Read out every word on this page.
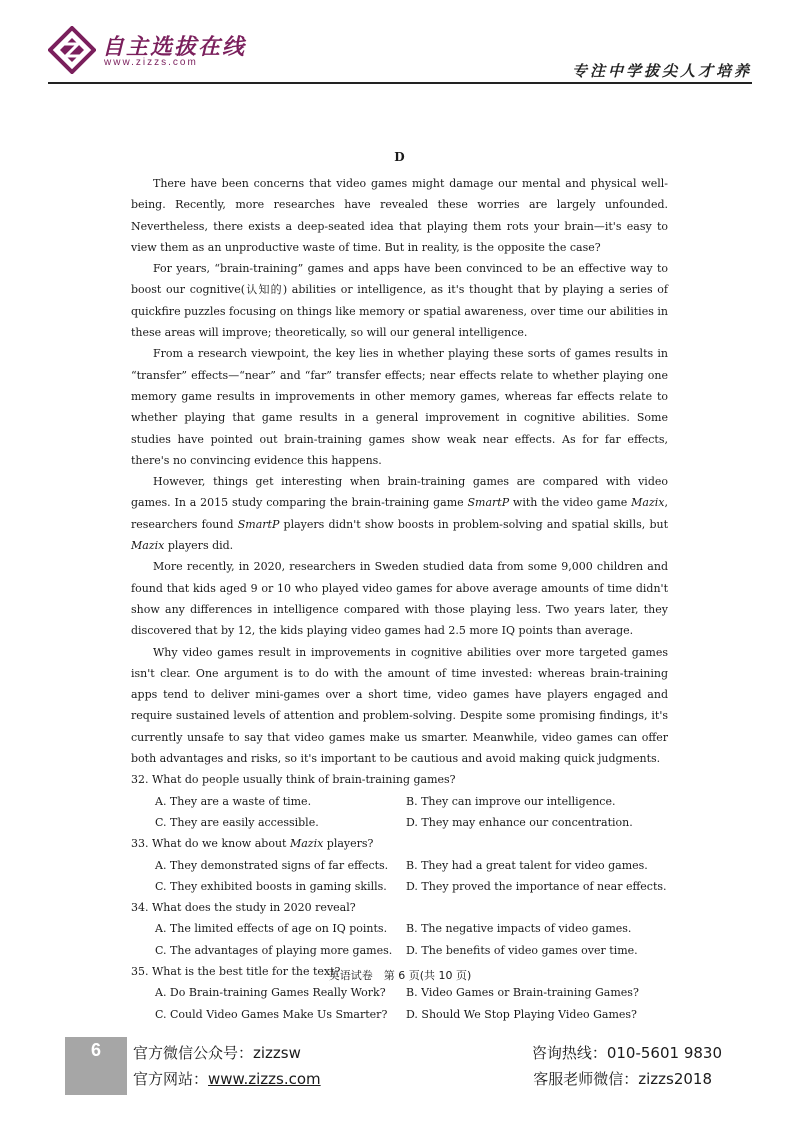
自主选拔在线
www.zizzs.com	专注中学拔尖人才培养
D

There have been concerns that video games might damage our mental and physical well-being. Recently, more researches have revealed these worries are largely unfounded. Nevertheless, there exists a deep-seated idea that playing them rots your brain—it's easy to view them as an unproductive waste of time. But in reality, is the opposite the case?

For years, “brain-training” games and apps have been convinced to be an effective way to boost our cognitive(认知的) abilities or intelligence, as it's thought that by playing a series of quickfire puzzles focusing on things like memory or spatial awareness, over time our abilities in these areas will improve; theoretically, so will our general intelligence.

From a research viewpoint, the key lies in whether playing these sorts of games results in “transfer” effects—“near” and “far” transfer effects; near effects relate to whether playing one memory game results in improvements in other memory games, whereas far effects relate to whether playing that game results in a general improvement in cognitive abilities. Some studies have pointed out brain-training games show weak near effects. As for far effects, there's no convincing evidence this happens.

However, things get interesting when brain-training games are compared with video games. In a 2015 study comparing the brain-training game SmartP with the video game Mazix, researchers found SmartP players didn't show boosts in problem-solving and spatial skills, but Mazix players did.

More recently, in 2020, researchers in Sweden studied data from some 9,000 children and found that kids aged 9 or 10 who played video games for above average amounts of time didn't show any differences in intelligence compared with those playing less. Two years later, they discovered that by 12, the kids playing video games had 2.5 more IQ points than average.

Why video games result in improvements in cognitive abilities over more targeted games isn't clear. One argument is to do with the amount of time invested: whereas brain-training apps tend to deliver mini-games over a short time, video games have players engaged and require sustained levels of attention and problem-solving. Despite some promising findings, it's currently unsafe to say that video games make us smarter. Meanwhile, video games can offer both advantages and risks, so it's important to be cautious and avoid making quick judgments.

32. What do people usually think of brain-training games?

A. They are a waste of time.	B. They can improve our intelligence.
C. They are easily accessible.	D. They may enhance our concentration.

33. What do we know about Mazix players?

A. They demonstrated signs of far effects.	B. They had a great talent for video games.
C. They exhibited boosts in gaming skills.	D. They proved the importance of near effects.

34. What does the study in 2020 reveal?

A. The limited effects of age on IQ points.	B. The negative impacts of video games.
C. The advantages of playing more games.	D. The benefits of video games over time.

35. What is the best title for the text?

A. Do Brain-training Games Really Work?	B. Video Games or Brain-training Games?
C. Could Video Games Make Us Smarter?	D. Should We Stop Playing Video Games?
英语试卷　第 6 页(共 10 页)
6	官方微信公众号：zizzsw
官方网站：www.zizzs.com
咨询热线：010-5601 9830
客服老师微信：zizzs2018
